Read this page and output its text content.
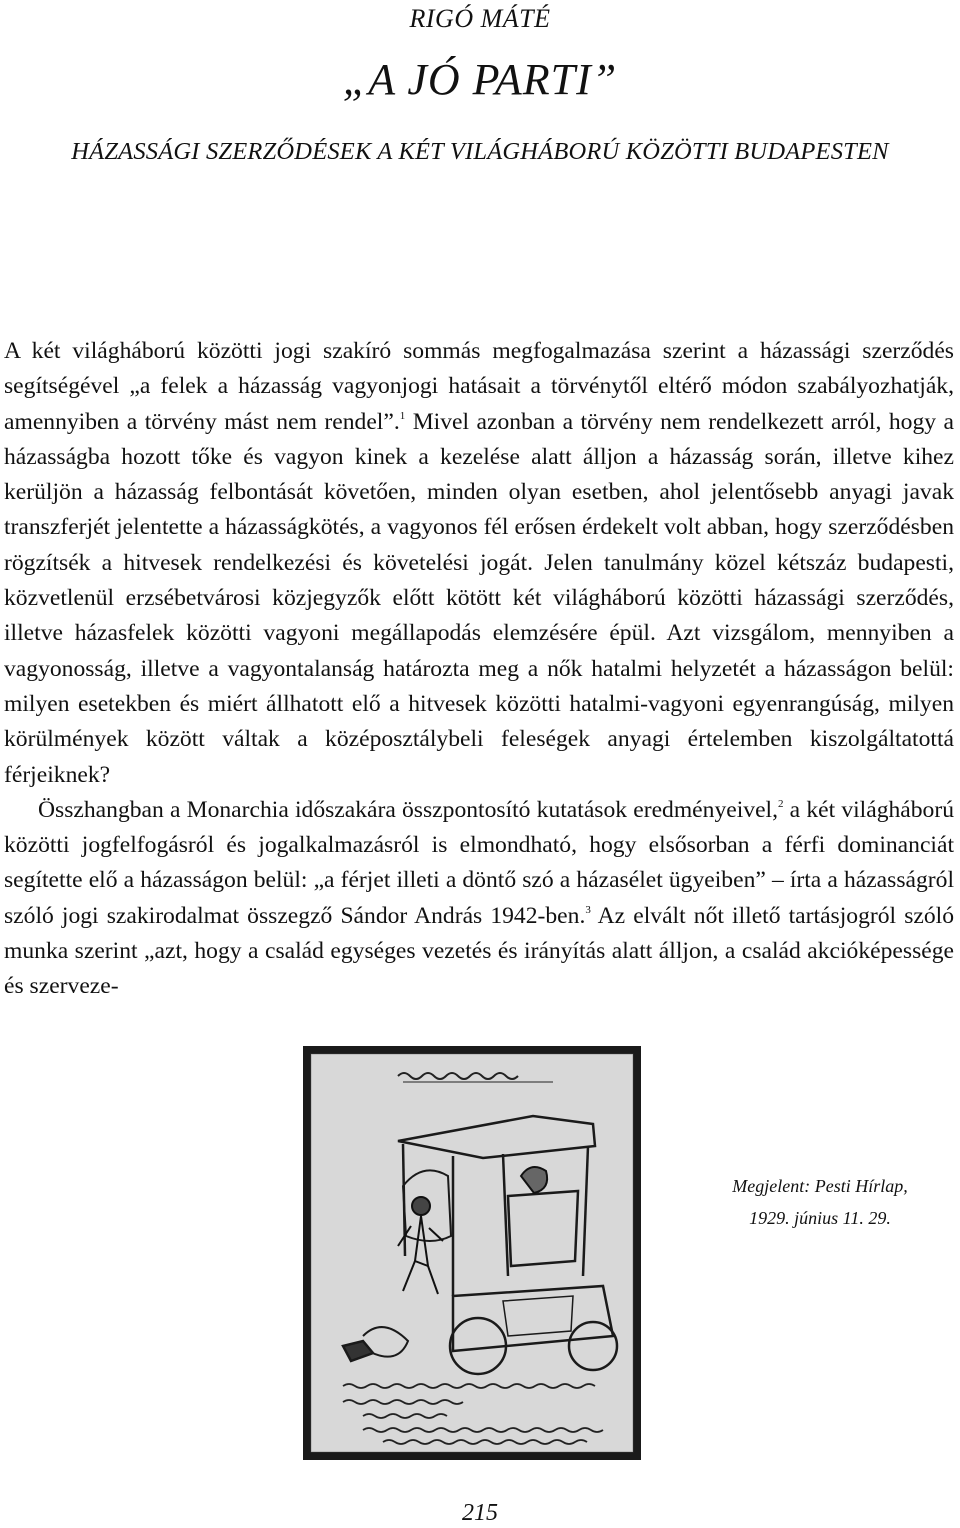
RIGÓ MÁTÉ
„A JÓ PARTI”
HÁZASSÁGI SZERZŐDÉSEK A KÉT VILÁGHÁBORÚ KÖZÖTTI BUDAPESTEN

A két világháború közötti jogi szakíró sommás megfogalmazása szerint a házassági szerződés segítségével „a felek a házasság vagyonjogi hatásait a törvénytől eltérő módon szabályozhatják, amennyiben a törvény mást nem rendel”.$^1$ Mivel azonban a törvény nem rendelkezett arról, hogy a házasságba hozott tőke és vagyon kinek a kezelése alatt álljon a házasság során, illetve kihez kerüljön a házasság felbontását követően, minden olyan esetben, ahol jelentősebb anyagi javak transzferjét jelentette a házasságkötés, a vagyonos fél erősen érdekelt volt abban, hogy szerződésben rögzítsék a hitvesek rendelkezési és követelési jogát. Jelen tanulmány közel kétszáz budapesti, közvetlenül erzsébetvárosi közjegyzők előtt kötött két világháború közötti házassági szerződés, illetve házasfelek közötti vagyoni megállapodás elemzésére épül. Azt vizsgálom, mennyiben a vagyonosság, illetve a vagyontalanság határozta meg a nők hatalmi helyzetét a házasságon belül: milyen esetekben és miért állhatott elő a hitvesek közötti hatalmi-vagyoni egyenrangúság, milyen körülmények között váltak a középosztálybeli feleségek anyagi értelemben kiszolgáltatottá férjeiknek?

Összhangban a Monarchia időszakára összpontosító kutatások eredményeivel,$^2$ a két világháború közötti jogfelfogásról és jogalkalmazásról is elmondható, hogy elsősorban a férfi dominanciát segítette elő a házasságon belül: „a férjet illeti a döntő szó a házasélet ügyeiben” – írta a házasságról szóló jogi szakirodalmat összegző Sándor András 1942-ben.$^3$ Az elvált nőt illető tartásjogról szóló munka szerint „azt, hogy a család egységes vezetés és irányítás alatt álljon, a család akcióképessége és szerveze-

Megjelent: Pesti Hírlap,
1929. június 11. 29.
215
